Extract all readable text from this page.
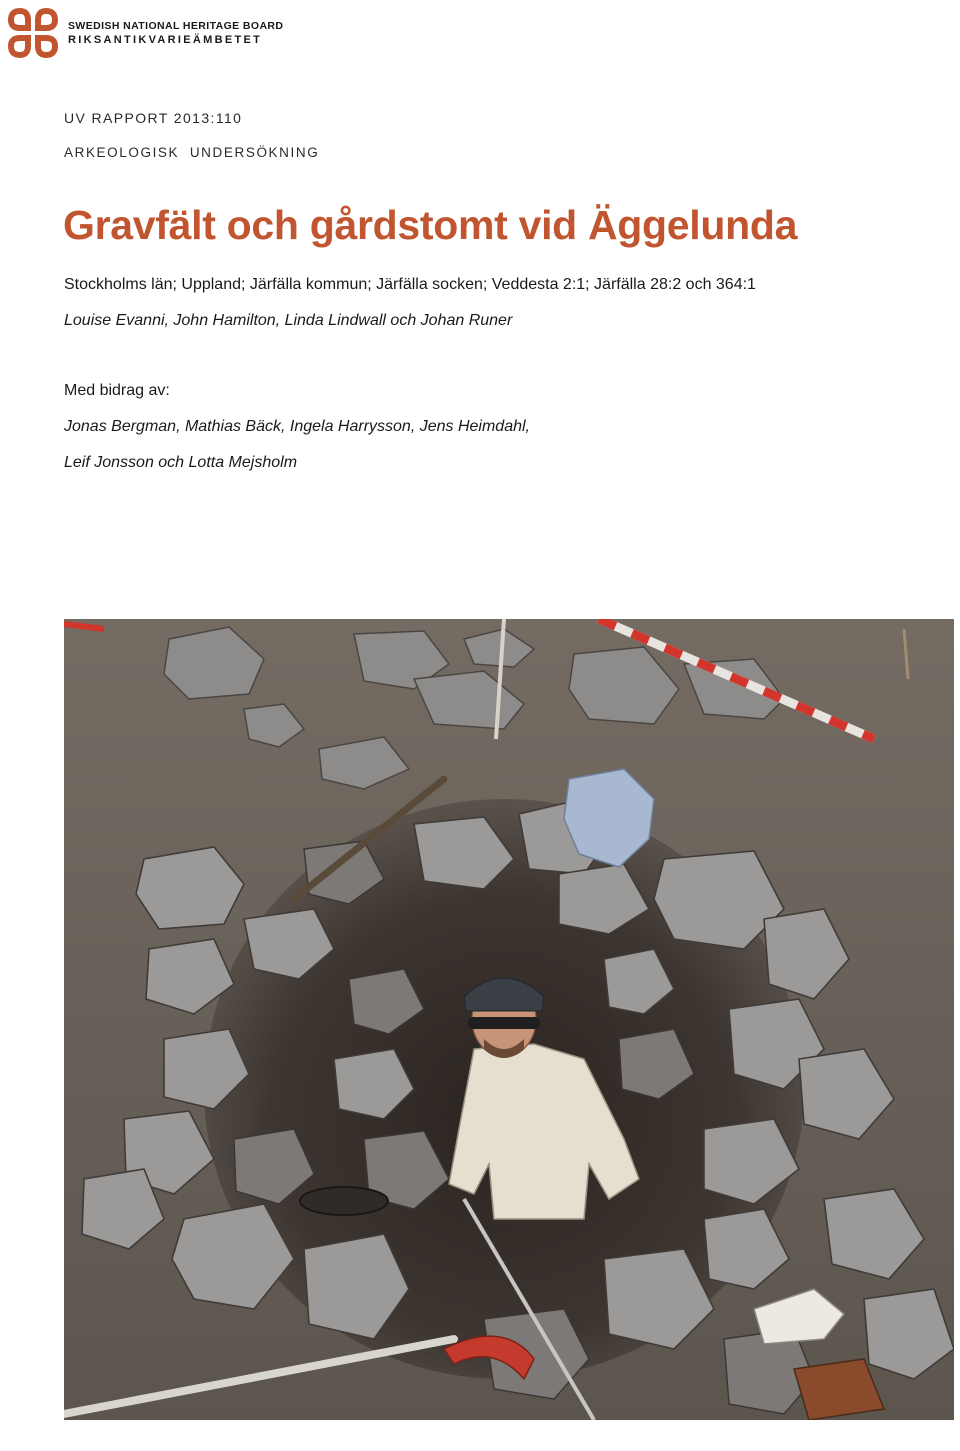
SWEDISH NATIONAL HERITAGE BOARD
RIKSANTIKVARIEÄMBETET
UV RAPPORT 2013:110
ARKEOLOGISK  UNDERSÖKNING
Gravfält och gårdstomt vid Äggelunda
Stockholms län; Uppland; Järfälla kommun; Järfälla socken; Veddesta 2:1; Järfälla 28:2 och 364:1
Louise Evanni, John Hamilton, Linda Lindwall och Johan Runer
Med bidrag av:
Jonas Bergman, Mathias Bäck, Ingela Harrysson, Jens Heimdahl,
Leif Jonsson och Lotta Mejsholm
